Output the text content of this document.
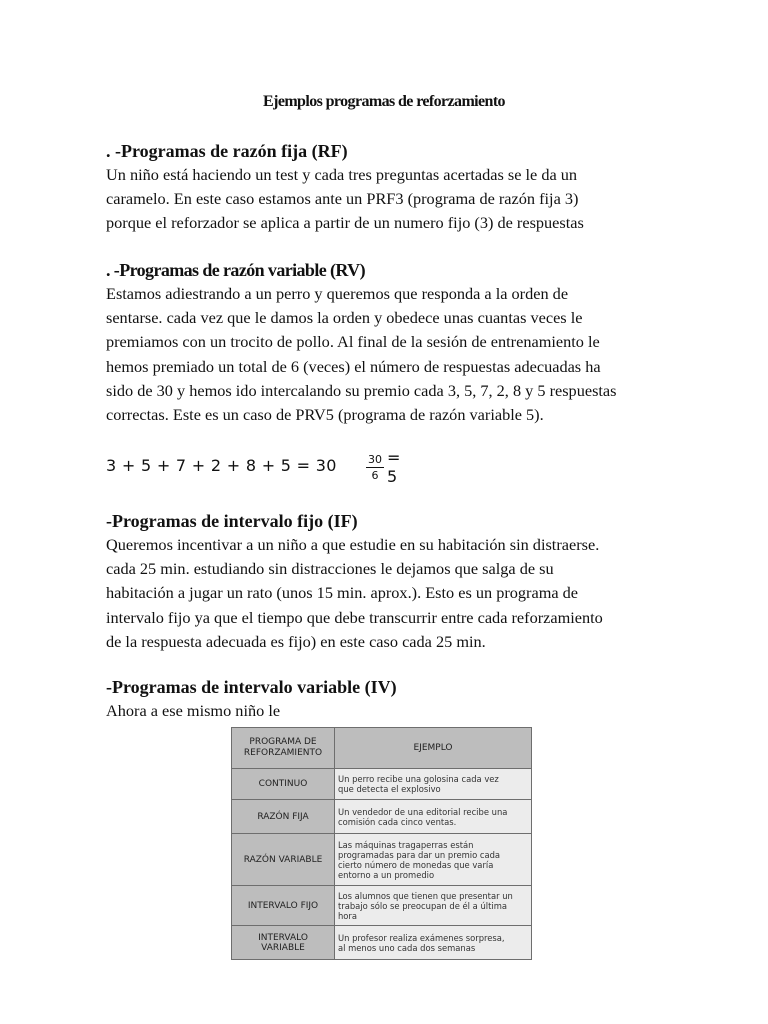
Ejemplos programas de reforzamiento

. -Programas de razón fija (RF)

Un niño está haciendo un test y cada tres preguntas acertadas se le da un
caramelo. En este caso estamos ante un PRF3 (programa de razón fija 3)
porque el reforzador se aplica a partir de un numero fijo (3) de respuestas

. -Programas de razón variable (RV)

Estamos adiestrando a un perro y queremos que responda a la orden de
sentarse. cada vez que le damos la orden y obedece unas cuantas veces le
premiamos con un trocito de pollo. Al final de la sesión de entrenamiento le
hemos premiado un total de 6 (veces) el número de respuestas adecuadas ha
sido de 30 y hemos ido intercalando su premio cada 3, 5, 7, 2, 8 y 5 respuestas
correctas. Este es un caso de PRV5 (programa de razón variable 5).

3 + 5 + 7 + 2 + 8 + 5 = 30	$\frac{30}{6} = 5$

-Programas de intervalo fijo (IF)

Queremos incentivar a un niño a que estudie en su habitación sin distraerse.
cada 25 min. estudiando sin distracciones le dejamos que salga de su
habitación a jugar un rato (unos 15 min. aprox.). Esto es un programa de
intervalo fijo ya que el tiempo que debe transcurrir entre cada reforzamiento
de la respuesta adecuada es fijo) en este caso cada 25 min.

-Programas de intervalo variable (IV)

Ahora a ese mismo niño le

PROGRAMA DE
REFORZAMIENTO	EJEMPLO
CONTINUO	Un perro recibe una golosina cada vez
que detecta el explosivo

RAZÓN FIJA	Un vendedor de una editorial recibe una
comisión cada cinco ventas.

RAZÓN VARIABLE	Las máquinas tragaperras están
programadas para dar un premio cada
cierto número de monedas que varía
entorno a un promedio

INTERVALO FIJO	Los alumnos que tienen que presentar un
trabajo sólo se preocupan de él a última
hora

INTERVALO
VARIABLE	Un profesor realiza exámenes sorpresa,
al menos uno cada dos semanas
